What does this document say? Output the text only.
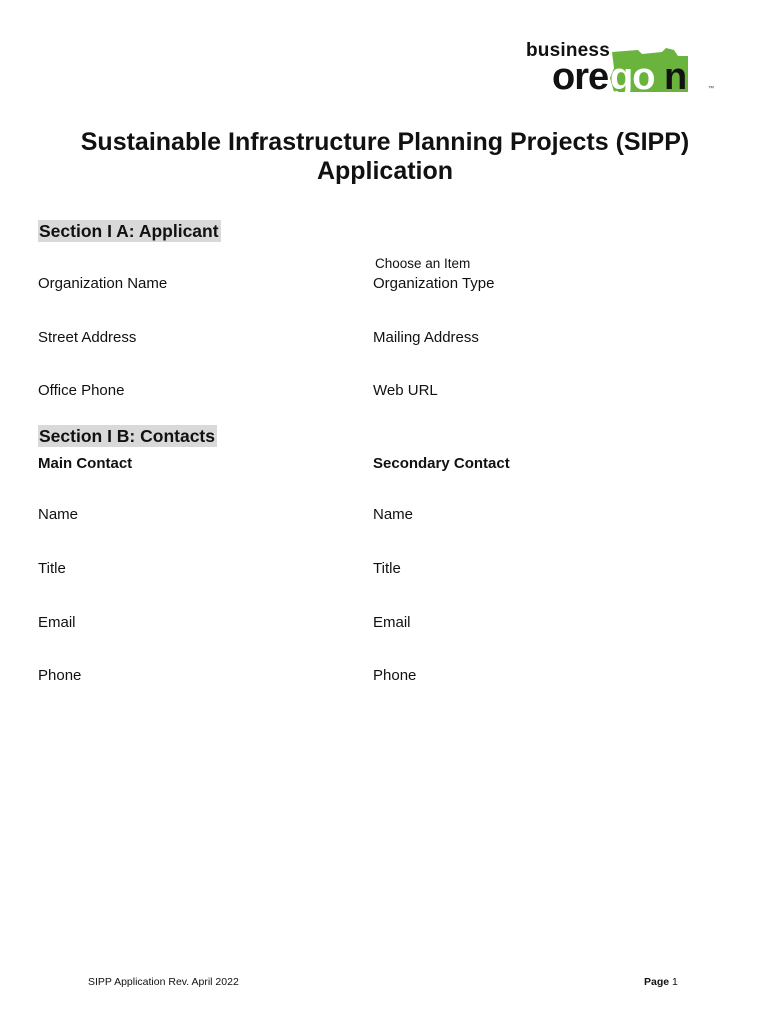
business
ore go n	™
Sustainable Infrastructure Planning Projects (SIPP)
Application
Section I A: Applicant
Choose an Item
Organization Name	Organization Type
Street Address	Mailing Address
Office Phone	Web URL
Section I B: Contacts
Main Contact	Secondary Contact
Name	Name
Title	Title
Email	Email
Phone	Phone
SIPP Application Rev. April 2022	Page 1
